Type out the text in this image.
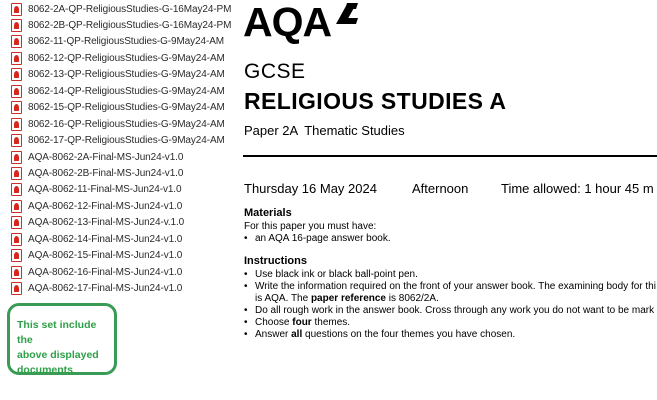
8062-2A-QP-ReligiousStudies-G-16May24-PM
8062-2B-QP-ReligiousStudies-G-16May24-PM
8062-11-QP-ReligiousStudies-G-9May24-AM
8062-12-QP-ReligiousStudies-G-9May24-AM
8062-13-QP-ReligiousStudies-G-9May24-AM
8062-14-QP-ReligiousStudies-G-9May24-AM
8062-15-QP-ReligiousStudies-G-9May24-AM
8062-16-QP-ReligiousStudies-G-9May24-AM
8062-17-QP-ReligiousStudies-G-9May24-AM
AQA-8062-2A-Final-MS-Jun24-v1.0
AQA-8062-2B-Final-MS-Jun24-v1.0
AQA-8062-11-Final-MS-Jun24-v1.0
AQA-8062-12-Final-MS-Jun24-v1.0
AQA-8062-13-Final-MS-Jun24-v.1.0
AQA-8062-14-Final-MS-Jun24-v1.0
AQA-8062-15-Final-MS-Jun24-v1.0
AQA-8062-16-Final-MS-Jun24-v1.0
AQA-8062-17-Final-MS-Jun24-v1.0
This set include the
above displayed
documents
AQA
GCSE
RELIGIOUS STUDIES A
Paper 2A Thematic Studies
Thursday 16 May 2024	Afternoon	Time allowed: 1 hour 45 m
Materials
For this paper you must have:
• an AQA 16-page answer book.
Instructions
• Use black ink or black ball-point pen.
• Write the information required on the front of your answer book. The examining body for thi
is AQA. The paper reference is 8062/2A.
• Do all rough work in the answer book. Cross through any work you do not want to be mark
• Choose four themes.
• Answer all questions on the four themes you have chosen.
